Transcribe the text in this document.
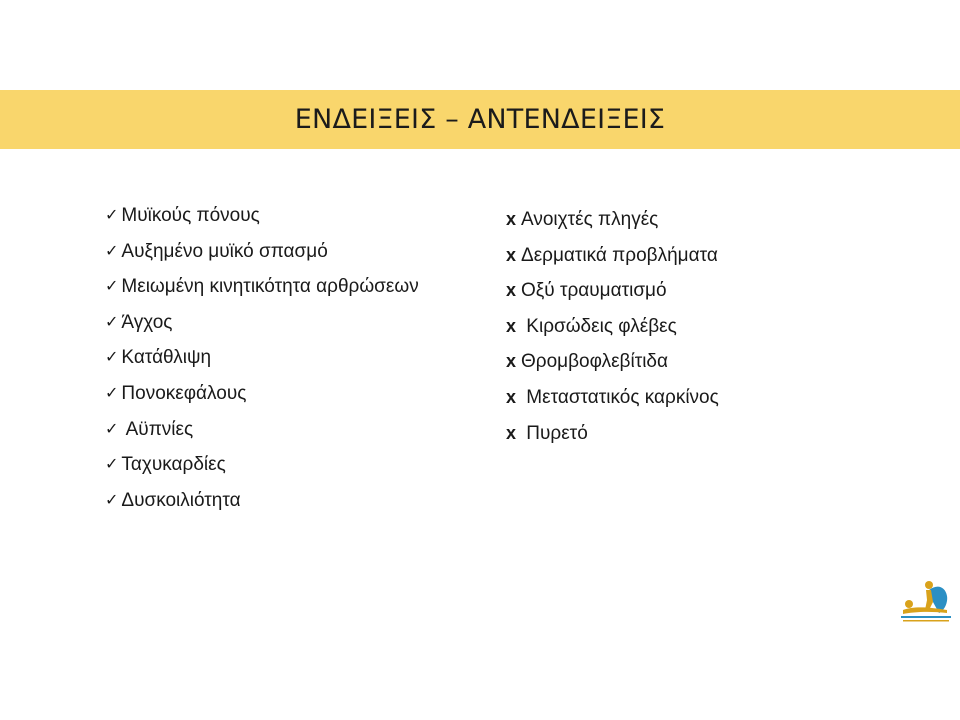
ΕΝΔΕΙΞΕΙΣ – ΑΝΤΕΝΔΕΙΞΕΙΣ
✓ Μυϊκούς πόνους
✓ Αυξημένο μυϊκό σπασμό
✓ Μειωμένη κινητικότητα αρθρώσεων
✓ Άγχος
✓ Κατάθλιψη
✓ Πονοκεφάλους
✓ Αϋπνίες
✓ Ταχυκαρδίες
✓ Δυσκοιλιότητα
x Ανοιχτές πληγές
x Δερματικά προβλήματα
x Οξύ τραυματισμό
x Κιρσώδεις φλέβες
x Θρομβοφλεβίτιδα
x Μεταστατικός καρκίνος
x Πυρετό
